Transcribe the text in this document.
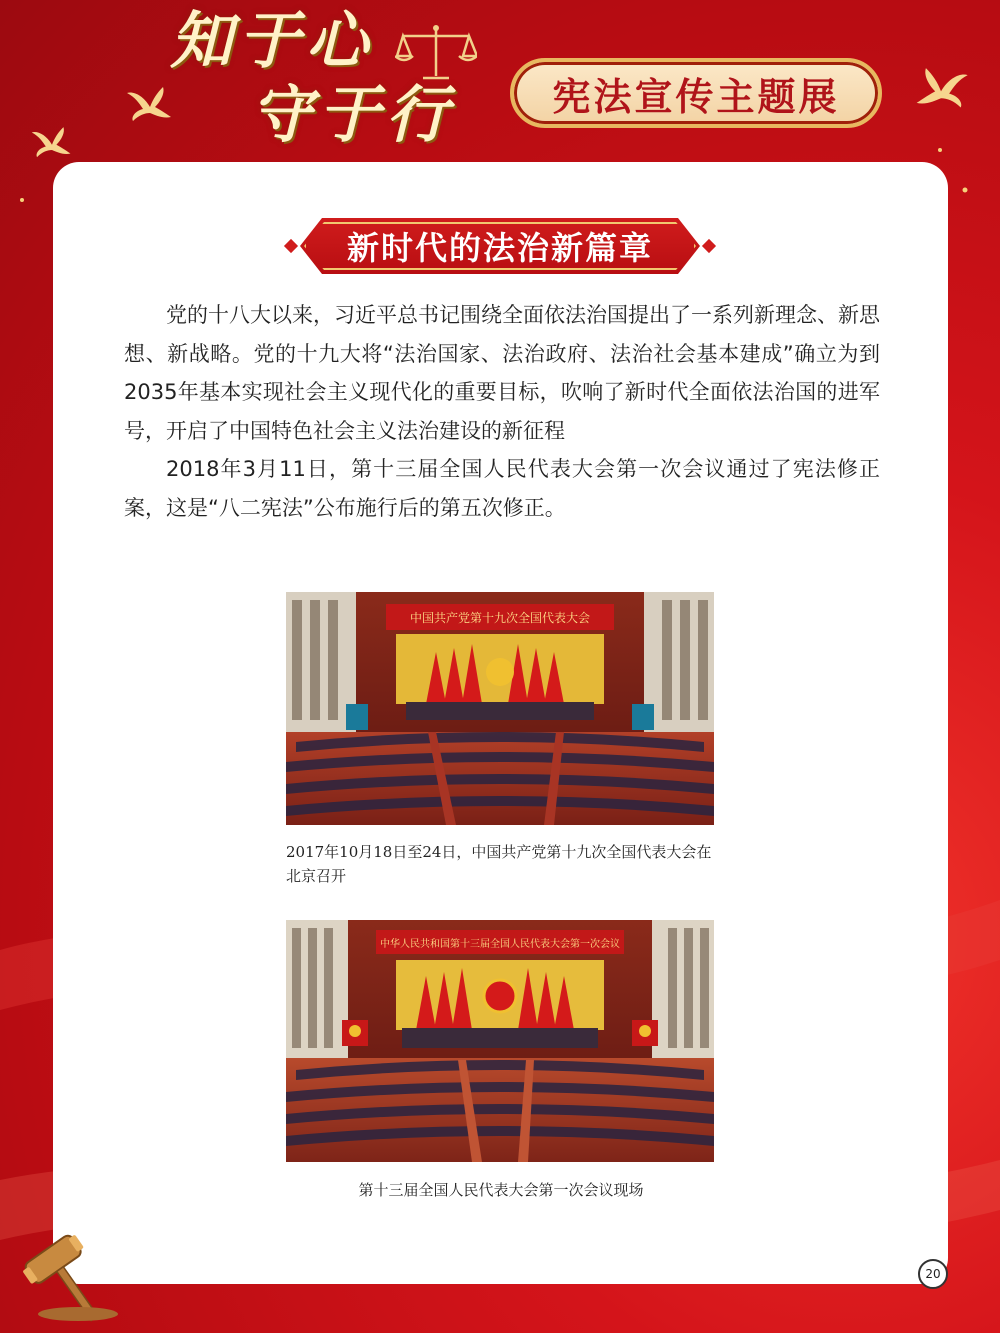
知于心
守于行	宪法宣传主题展
新时代的法治新篇章

党的十八大以来，习近平总书记围绕全面依法治国提出了一系列新理念、新思想、新战略。党的十九大将“法治国家、法治政府、法治社会基本建成”确立为到2035年基本实现社会主义现代化的重要目标，吹响了新时代全面依法治国的进军号，开启了中国特色社会主义法治建设的新征程

2018年3月11日，第十三届全国人民代表大会第一次会议通过了宪法修正案，这是“八二宪法”公布施行后的第五次修正。

中国共产党第十九次全国代表大会
2017年10月18日至24日，中国共产党第十九次全国代表大会在北京召开
中华人民共和国第十三届全国人民代表大会第一次会议
第十三届全国人民代表大会第一次会议现场
20
